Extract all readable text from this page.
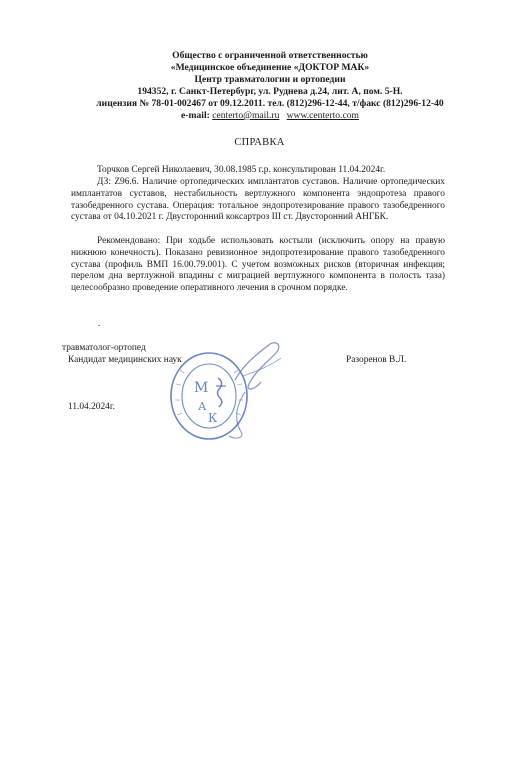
Общество с ограниченной ответственностью
«Медицинское объединение «ДОКТОР МАК»
Центр травматологии и ортопедии
194352, г. Санкт-Петербург, ул. Руднева д.24, лит. А, пом. 5-Н.
лицензия № 78-01-002467 от 09.12.2011. тел. (812)296-12-44, т/факс (812)296-12-40
e-mail: centerto@mail.ru www.centerto.com
СПРАВКА
Торчков Сергей Николаевич, 30.08.1985 г.р. консультирован 11.04.2024г.
ДЗ: Z96.6. Наличие ортопедических имплантатов суставов. Наличие ортопедических имплантатов суставов, нестабильность вертлужного компонента эндопротеза правого тазобедренного сустава. Операция: тотальное эндопротезирование правого тазобедренного сустава от 04.10.2021 г. Двусторонний коксартроз III ст. Двусторонний АНГБК.
Рекомендовано: При ходьбе использовать костыли (исключить опору на правую нижнюю конечность). Показано ревизионное эндопротезирование правого тазобедренного сустава (профиль ВМП 16.00.79.001). С учетом возможных рисков (вторичная инфекция; перелом дна вертлужной впадины с миграцией вертлужного компонента в полость таза) целесообразно проведение оперативного лечения в срочном порядке.
.
травматолог-ортопед
Кандидат медицинских наук	Разоренов В.Л.
11.04.2024г.
М
А
К
